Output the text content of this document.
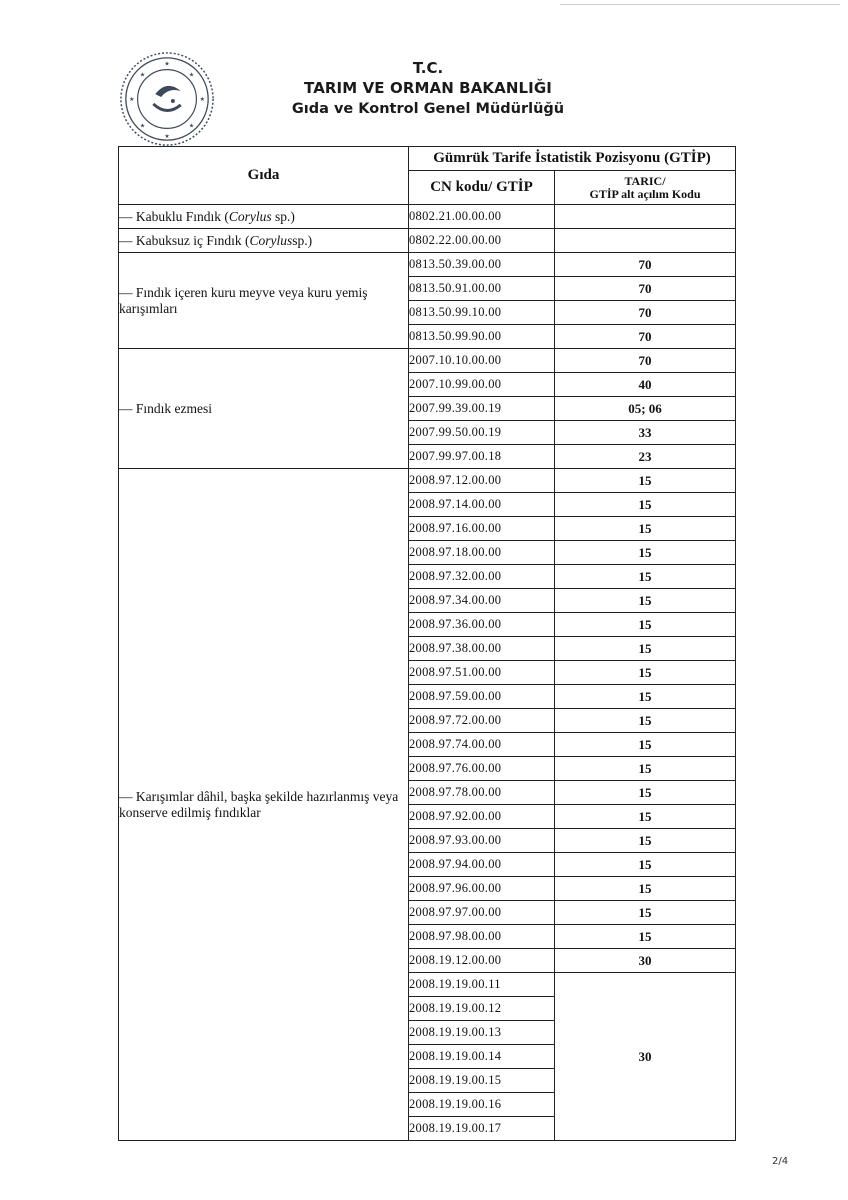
★
★
★	★
★	★
★	★
T.C.
TARIM VE ORMAN BAKANLIĞI
Gıda ve Kontrol Genel Müdürlüğü
Gıda	Gümrük Tarife İstatistik Pozisyonu (GTİP)	
	CN kodu/ GTİP	TARIC/
GTİP alt açılım Kodu

— Kabuklu Fındık (Corylus sp.)	0802.21.00.00.00	
— Kabuksuz iç Fındık (Corylussp.)	0802.22.00.00.00	
— Fındık içeren kuru meyve veya kuru yemiş karışımları	0813.50.39.00.00	70
	0813.50.91.00.00	70
	0813.50.99.10.00	70
	0813.50.99.90.00	70
— Fındık ezmesi	2007.10.10.00.00	70
	2007.10.99.00.00	40
	2007.99.39.00.19	05; 06
	2007.99.50.00.19	33
	2007.99.97.00.18	23
— Karışımlar dâhil, başka şekilde hazırlanmış veya konserve edilmiş fındıklar	2008.97.12.00.00	15
	2008.97.14.00.00	15
	2008.97.16.00.00	15
	2008.97.18.00.00	15
	2008.97.32.00.00	15
	2008.97.34.00.00	15
	2008.97.36.00.00	15
	2008.97.38.00.00	15
	2008.97.51.00.00	15
	2008.97.59.00.00	15
	2008.97.72.00.00	15
	2008.97.74.00.00	15
	2008.97.76.00.00	15
	2008.97.78.00.00	15
	2008.97.92.00.00	15
	2008.97.93.00.00	15
	2008.97.94.00.00	15
	2008.97.96.00.00	15
	2008.97.97.00.00	15
	2008.97.98.00.00	15
	2008.19.12.00.00	30
	2008.19.19.00.11	30
	2008.19.19.00.12	
	2008.19.19.00.13	
	2008.19.19.00.14	
	2008.19.19.00.15	
	2008.19.19.00.16	
	2008.19.19.00.17	
2/4
